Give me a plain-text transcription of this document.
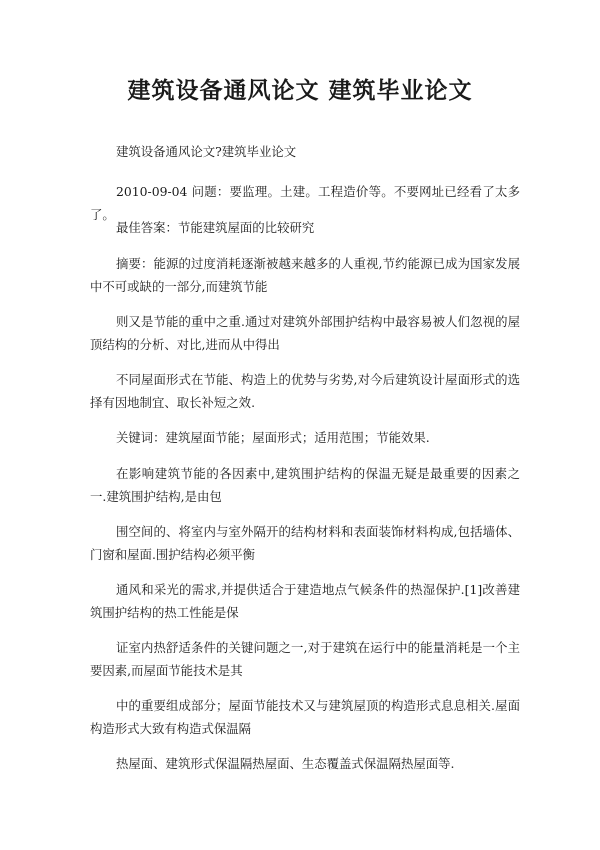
建筑设备通风论文 建筑毕业论文

建筑设备通风论文?建筑毕业论文

2010-09-04 问题：要监理。土建。工程造价等。不要网址已经看了太多了。

最佳答案：节能建筑屋面的比较研究

摘要：能源的过度消耗逐渐被越来越多的人重视,节约能源已成为国家发展中不可或缺的一部分,而建筑节能

则又是节能的重中之重.通过对建筑外部围护结构中最容易被人们忽视的屋顶结构的分析、对比,进而从中得出

不同屋面形式在节能、构造上的优势与劣势,对今后建筑设计屋面形式的选择有因地制宜、取长补短之效.

关键词：建筑屋面节能；屋面形式；适用范围；节能效果.

在影响建筑节能的各因素中,建筑围护结构的保温无疑是最重要的因素之一.建筑围护结构,是由包

围空间的、将室内与室外隔开的结构材料和表面装饰材料构成,包括墙体、门窗和屋面.围护结构必须平衡

通风和采光的需求,并提供适合于建造地点气候条件的热湿保护.[1]改善建筑围护结构的热工性能是保

证室内热舒适条件的关键问题之一,对于建筑在运行中的能量消耗是一个主要因素,而屋面节能技术是其

中的重要组成部分；屋面节能技术又与建筑屋顶的构造形式息息相关.屋面构造形式大致有构造式保温隔

热屋面、建筑形式保温隔热屋面、生态覆盖式保温隔热屋面等.
